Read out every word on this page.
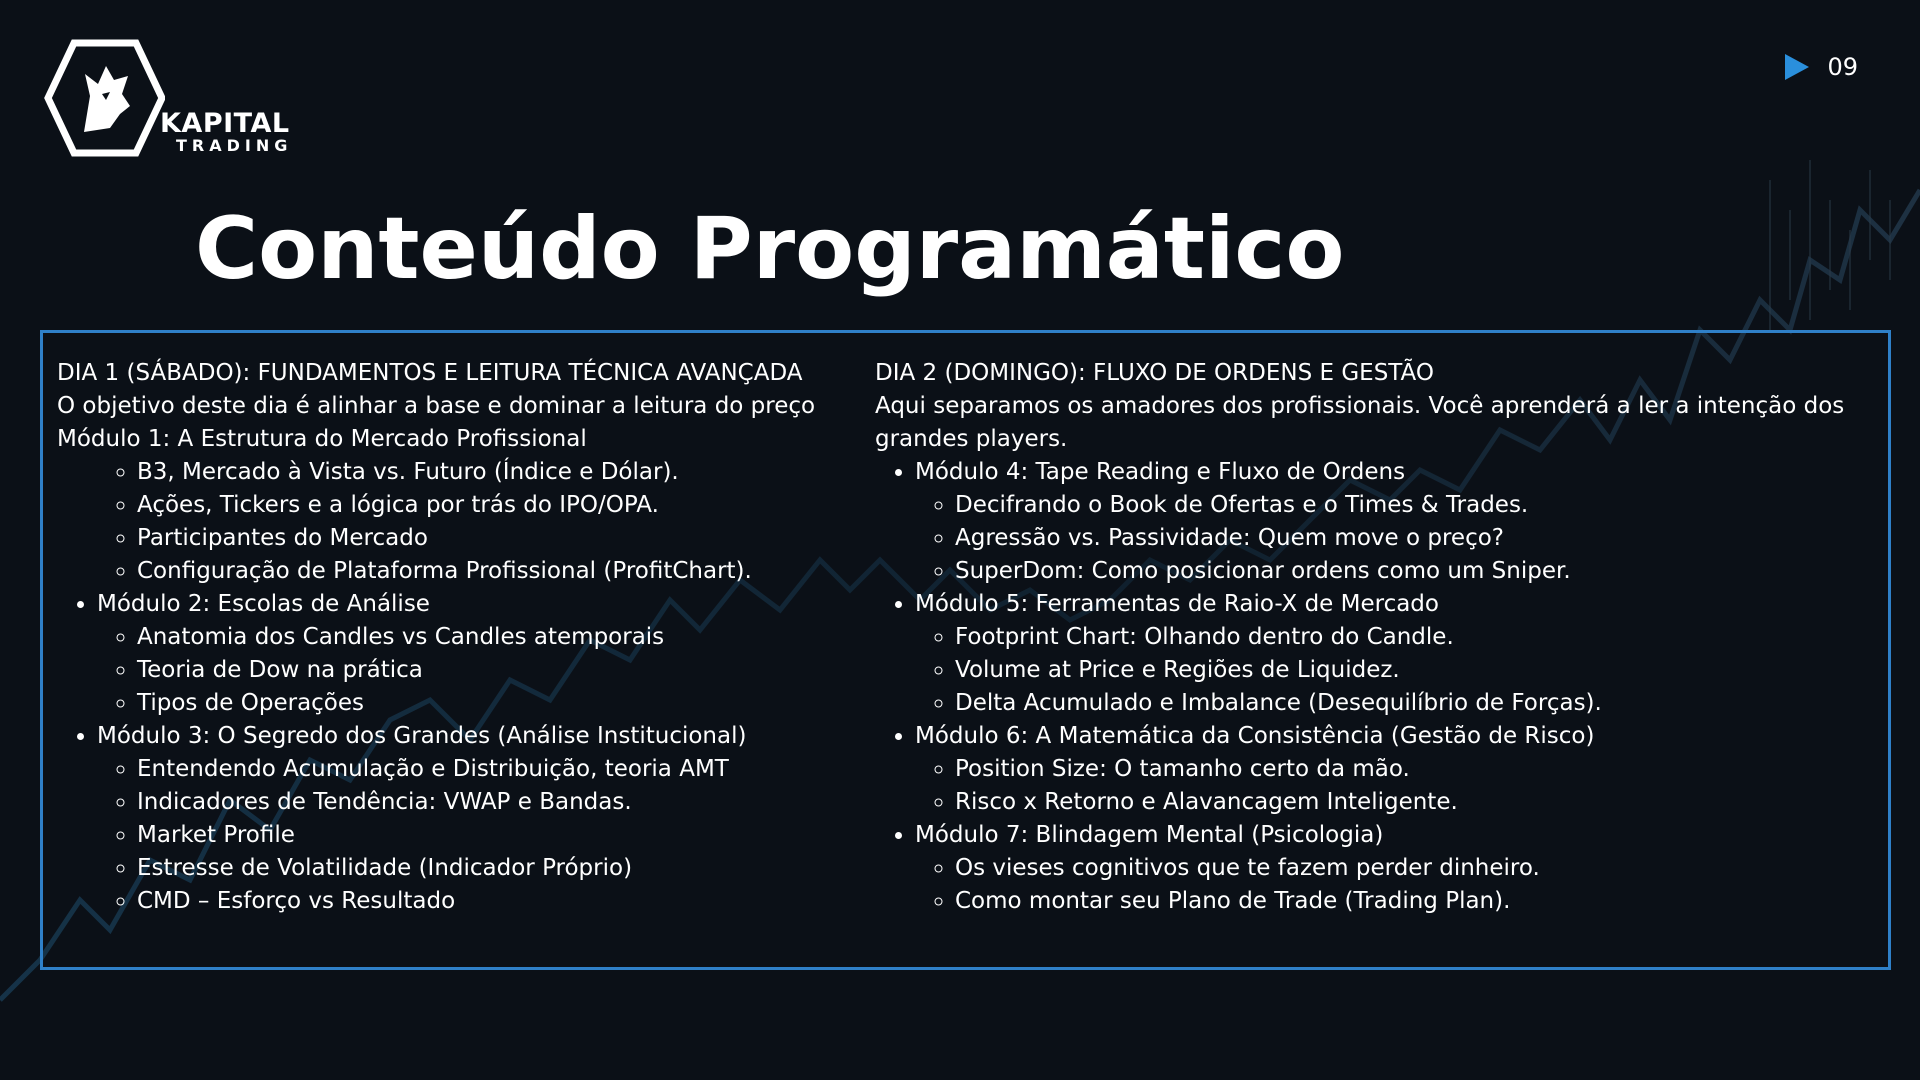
KAPITAL
TRADING
09
Conteúdo Programático

DIA 1 (SÁBADO): FUNDAMENTOS E LEITURA TÉCNICA AVANÇADA

O objetivo deste dia é alinhar a base e dominar a leitura do preço

Módulo 1: A Estrutura do Mercado Profissional

◦ B3, Mercado à Vista vs. Futuro (Índice e Dólar).
◦ Ações, Tickers e a lógica por trás do IPO/OPA.
◦ Participantes do Mercado
◦ Configuração de Plataforma Profissional (ProfitChart).
• Módulo 2: Escolas de Análise
◦ Anatomia dos Candles vs Candles atemporais
◦ Teoria de Dow na prática
◦ Tipos de Operações
• Módulo 3: O Segredo dos Grandes (Análise Institucional)
◦ Entendendo Acumulação e Distribuição, teoria AMT
◦ Indicadores de Tendência: VWAP e Bandas.
◦ Market Profile
◦ Estresse de Volatilidade (Indicador Próprio)
◦ CMD – Esforço vs Resultado

DIA 2 (DOMINGO): FLUXO DE ORDENS E GESTÃO

Aqui separamos os amadores dos profissionais. Você aprenderá a ler a intenção dos grandes players.

• Módulo 4: Tape Reading e Fluxo de Ordens
◦ Decifrando o Book de Ofertas e o Times & Trades.
◦ Agressão vs. Passividade: Quem move o preço?
◦ SuperDom: Como posicionar ordens como um Sniper.
• Módulo 5: Ferramentas de Raio-X de Mercado
◦ Footprint Chart: Olhando dentro do Candle.
◦ Volume at Price e Regiões de Liquidez.
◦ Delta Acumulado e Imbalance (Desequilíbrio de Forças).
• Módulo 6: A Matemática da Consistência (Gestão de Risco)
◦ Position Size: O tamanho certo da mão.
◦ Risco x Retorno e Alavancagem Inteligente.
• Módulo 7: Blindagem Mental (Psicologia)
◦ Os vieses cognitivos que te fazem perder dinheiro.
◦ Como montar seu Plano de Trade (Trading Plan).
